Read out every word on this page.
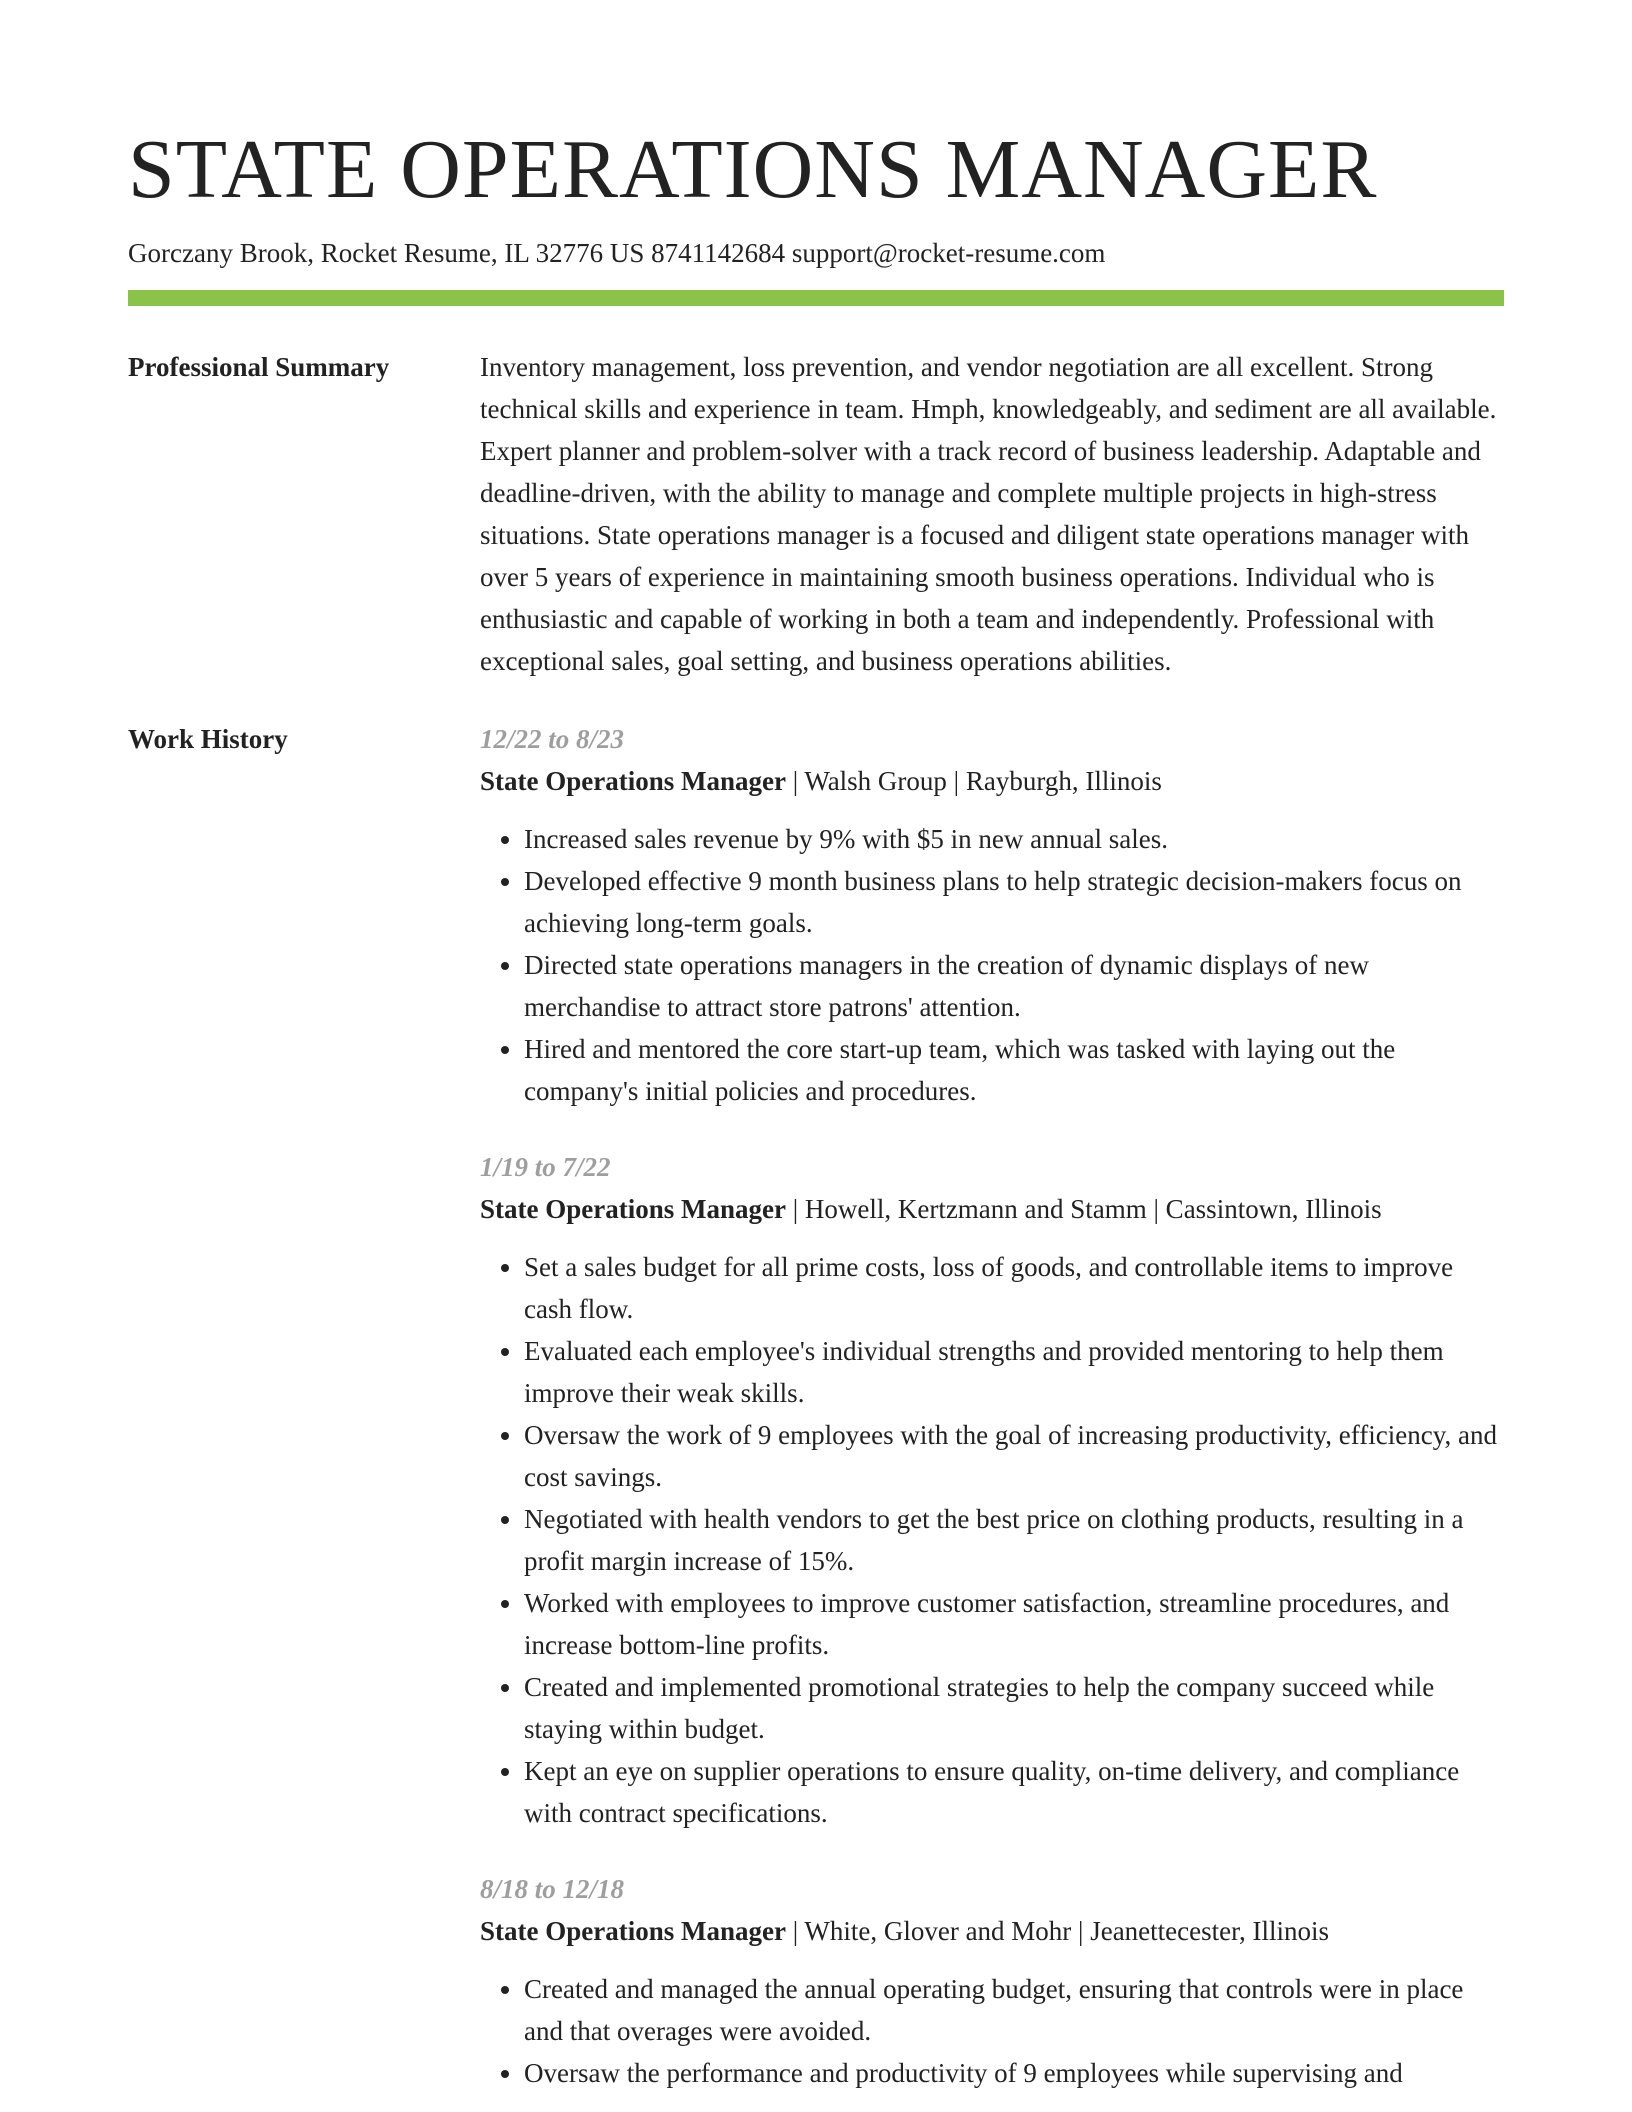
STATE OPERATIONS MANAGER
Gorczany Brook, Rocket Resume, IL 32776 US 8741142684 support@rocket-resume.com
Professional Summary	Inventory management, loss prevention, and vendor negotiation are all excellent. Strong technical skills and experience in team. Hmph, knowledgeably, and sediment are all available. Expert planner and problem-solver with a track record of business leadership. Adaptable and deadline-driven, with the ability to manage and complete multiple projects in high-stress situations. State operations manager is a focused and diligent state operations manager with over 5 years of experience in maintaining smooth business operations. Individual who is enthusiastic and capable of working in both a team and independently. Professional with exceptional sales, goal setting, and business operations abilities.

Work History	12/22 to 8/23
State Operations Manager | Walsh Group | Rayburgh, Illinois
• Increased sales revenue by 9% with $5 in new annual sales.
• Developed effective 9 month business plans to help strategic decision-makers focus on achieving long-term goals.
• Directed state operations managers in the creation of dynamic displays of new merchandise to attract store patrons' attention.
• Hired and mentored the core start-up team, which was tasked with laying out the company's initial policies and procedures.
1/19 to 7/22
State Operations Manager | Howell, Kertzmann and Stamm | Cassintown, Illinois
• Set a sales budget for all prime costs, loss of goods, and controllable items to improve cash flow.
• Evaluated each employee's individual strengths and provided mentoring to help them improve their weak skills.
• Oversaw the work of 9 employees with the goal of increasing productivity, efficiency, and cost savings.
• Negotiated with health vendors to get the best price on clothing products, resulting in a profit margin increase of 15%.
• Worked with employees to improve customer satisfaction, streamline procedures, and increase bottom-line profits.
• Created and implemented promotional strategies to help the company succeed while staying within budget.
• Kept an eye on supplier operations to ensure quality, on-time delivery, and compliance with contract specifications.
8/18 to 12/18
State Operations Manager | White, Glover and Mohr | Jeanettecester, Illinois
• Created and managed the annual operating budget, ensuring that controls were in place and that overages were avoided.
• Oversaw the performance and productivity of 9 employees while supervising and
